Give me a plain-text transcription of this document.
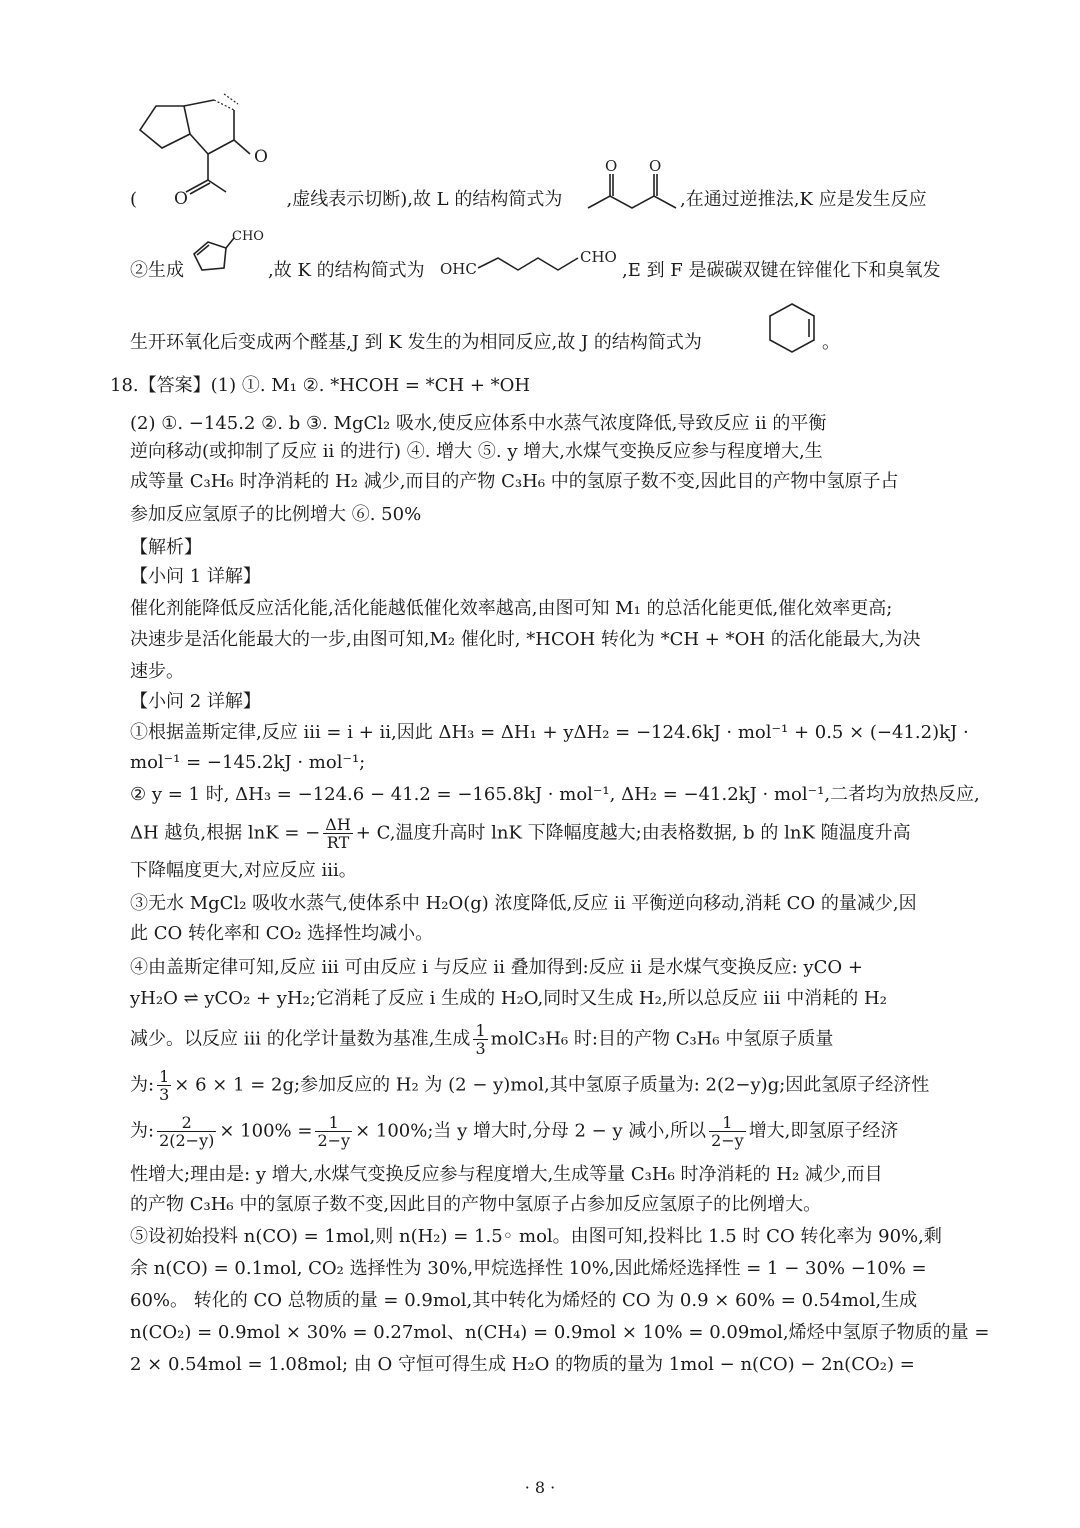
O
O
(	,虚线表示切断),故 L 的结构简式为
O O
,在通过逆推法,K 应是发生反应
②生成
CHO
,故 K 的结构简式为	OHC
CHO
,E 到 F 是碳碳双键在锌催化下和臭氧发
生开环氧化后变成两个醛基,J 到 K 发生的为相同反应,故 J 的结构简式为	。
18.【答案】(1) ①. M₁ ②. *HCOH = *CH + *OH
(2) ①. −145.2 ②. b ③. MgCl₂ 吸水,使反应体系中水蒸气浓度降低,导致反应 ii 的平衡
逆向移动(或抑制了反应 ii 的进行) ④. 增大 ⑤. y 增大,水煤气变换反应参与程度增大,生
成等量 C₃H₆ 时净消耗的 H₂ 减少,而目的产物 C₃H₆ 中的氢原子数不变,因此目的产物中氢原子占
参加反应氢原子的比例增大 ⑥. 50%
【解析】
【小问 1 详解】
催化剂能降低反应活化能,活化能越低催化效率越高,由图可知 M₁ 的总活化能更低,催化效率更高;
决速步是活化能最大的一步,由图可知,M₂ 催化时, *HCOH 转化为 *CH + *OH 的活化能最大,为决
速步。
【小问 2 详解】
①根据盖斯定律,反应 iii = i + ii,因此 ΔH₃ = ΔH₁ + yΔH₂ = −124.6kJ · mol⁻¹ + 0.5 × (−41.2)kJ ·
mol⁻¹ = −145.2kJ · mol⁻¹;
② y = 1 时, ΔH₃ = −124.6 − 41.2 = −165.8kJ · mol⁻¹, ΔH₂ = −41.2kJ · mol⁻¹,二者均为放热反应,
ΔH 越负,根据 lnK = − $\frac{\Delta H}{RT} + C$,温度升高时 lnK 下降幅度越大;由表格数据, b 的 lnK 随温度升高
下降幅度更大,对应反应 iii。
③无水 MgCl₂ 吸收水蒸气,使体系中 H₂O(g) 浓度降低,反应 ii 平衡逆向移动,消耗 CO 的量减少,因
此 CO 转化率和 CO₂ 选择性均减小。
④由盖斯定律可知,反应 iii 可由反应 i 与反应 ii 叠加得到:反应 ii 是水煤气变换反应: yCO +
yH₂O ⇌ yCO₂ + yH₂;它消耗了反应 i 生成的 H₂O,同时又生成 H₂,所以总反应 iii 中消耗的 H₂
减少。以反应 iii 的化学计量数为基准,生成 $\frac{1}{3}$ molC₃H₆ 时:目的产物 C₃H₆ 中氢原子质量
为: $\frac{1}{3} \times 6 \times 1 = 2g$;参加反应的 H₂ 为 (2 − y)mol,其中氢原子质量为: 2(2−y)g;因此氢原子经济性
为: $\frac{2}{2(2-y)} \times 100\% = \frac{1}{2-y} \times 100\%$;当 y 增大时,分母 2 − y 减小,所以 $\frac{1}{2-y}$ 增大,即氢原子经济
性增大;理由是: y 增大,水煤气变换反应参与程度增大,生成等量 C₃H₆ 时净消耗的 H₂ 减少,而目
的产物 C₃H₆ 中的氢原子数不变,因此目的产物中氢原子占参加反应氢原子的比例增大。
⑤设初始投料 n(CO) = 1mol,则 n(H₂) = 1.5◦ mol。由图可知,投料比 1.5 时 CO 转化率为 90%,剩
余 n(CO) = 0.1mol, CO₂ 选择性为 30%,甲烷选择性 10%,因此烯烃选择性 = 1 − 30% −10% =
60%。 转化的 CO 总物质的量 = 0.9mol,其中转化为烯烃的 CO 为 0.9 × 60% = 0.54mol,生成
n(CO₂) = 0.9mol × 30% = 0.27mol、n(CH₄) = 0.9mol × 10% = 0.09mol,烯烃中氢原子物质的量 =
2 × 0.54mol = 1.08mol; 由 O 守恒可得生成 H₂O 的物质的量为 1mol − n(CO) − 2n(CO₂) =
· 8 ·
